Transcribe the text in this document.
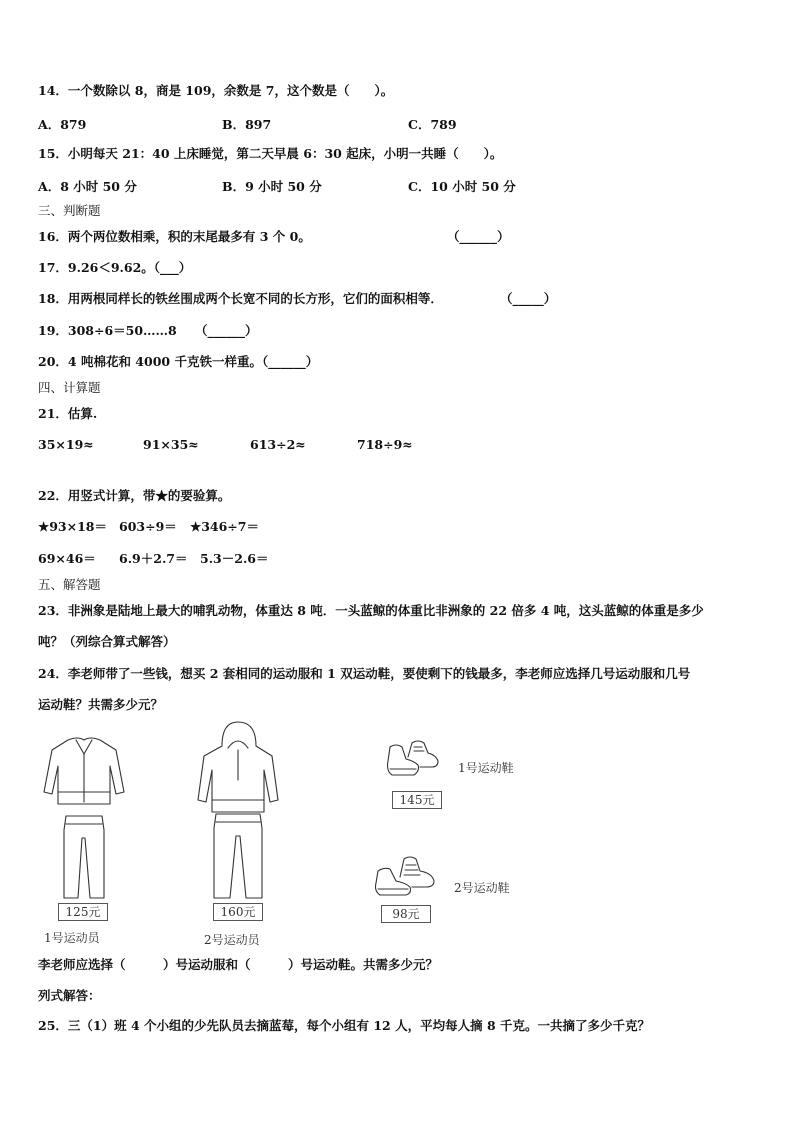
14．一个数除以 8，商是 109，余数是 7，这个数是（　　）。
A．879	B．897	C．789
15．小明每天 21：40 上床睡觉，第二天早晨 6：30 起床，小明一共睡（　　）。
A．8 小时 50 分	B．9 小时 50 分	C．10 小时 50 分
三、判断题
16．两个两位数相乘，积的末尾最多有 3 个 0。	（______）
17．9.26＜9.62。（___）
18．用两根同样长的铁丝围成两个长宽不同的长方形，它们的面积相等．	（_____）
19．308÷6＝50……8 （______）
20．4 吨棉花和 4000 千克铁一样重。（______）
四、计算题
21．估算.
35×19≈	91×35≈	613÷2≈	718÷9≈
22．用竖式计算，带★的要验算。
★93×18＝ 603÷9＝ ★346÷7＝
69×46＝ 6.9＋2.7＝ 5.3－2.6＝
五、解答题
23．非洲象是陆地上最大的哺乳动物，体重达 8 吨．一头蓝鲸的体重比非洲象的 22 倍多 4 吨，这头蓝鲸的体重是多少
吨？（列综合算式解答）
24．李老师带了一些钱，想买 2 套相同的运动服和 1 双运动鞋，要使剩下的钱最多，李老师应选择几号运动服和几号
运动鞋？共需多少元？
125元
1号运动员
160元
2号运动员
145元
1号运动鞋
98元
2号运动鞋
李老师应选择（　　　）号运动服和（　　　）号运动鞋。共需多少元？
列式解答：
25．三（1）班 4 个小组的少先队员去摘蓝莓，每个小组有 12 人，平均每人摘 8 千克。一共摘了多少千克？
